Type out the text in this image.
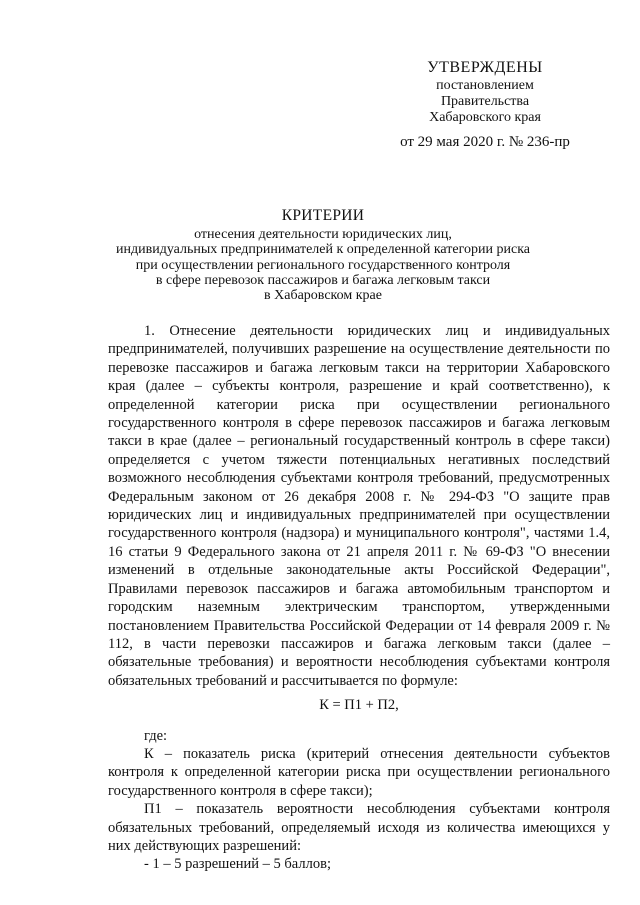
УТВЕРЖДЕНЫ
постановлением
Правительства
Хабаровского края
от 29 мая 2020 г. № 236-пр
КРИТЕРИИ
отнесения деятельности юридических лиц,
индивидуальных предпринимателей к определенной категории риска
при осуществлении регионального государственного контроля
в сфере перевозок пассажиров и багажа легковым такси
в Хабаровском крае

1. Отнесение деятельности юридических лиц и индивидуальных предпринимателей, получивших разрешение на осуществление деятельности по перевозке пассажиров и багажа легковым такси на территории Хабаровского края (далее – субъекты контроля, разрешение и край соответственно), к определенной категории риска при осуществлении регионального государственного контроля в сфере перевозок пассажиров и багажа легковым такси в крае (далее – региональный государственный контроль в сфере такси) определяется с учетом тяжести потенциальных негативных последствий возможного несоблюдения субъектами контроля требований, предусмотренных Федеральным законом от 26 декабря 2008 г. № 294-ФЗ "О защите прав юридических лиц и индивидуальных предпринимателей при осуществлении государственного контроля (надзора) и муниципального контроля", частями 1.4, 16 статьи 9 Федерального закона от 21 апреля 2011 г. № 69-ФЗ "О внесении изменений в отдельные законодательные акты Российской Федерации", Правилами перевозок пассажиров и багажа автомобильным транспортом и городским наземным электрическим транспортом, утвержденными постановлением Правительства Российской Федерации от 14 февраля 2009 г. № 112, в части перевозки пассажиров и багажа легковым такси (далее – обязательные требования) и вероятности несоблюдения субъектами контроля обязательных требований и рассчитывается по формуле:

К = П1 + П2,

где:

К – показатель риска (критерий отнесения деятельности субъектов контроля к определенной категории риска при осуществлении регионального государственного контроля в сфере такси);

П1 – показатель вероятности несоблюдения субъектами контроля обязательных требований, определяемый исходя из количества имеющихся у них действующих разрешений:

- 1 – 5 разрешений – 5 баллов;
